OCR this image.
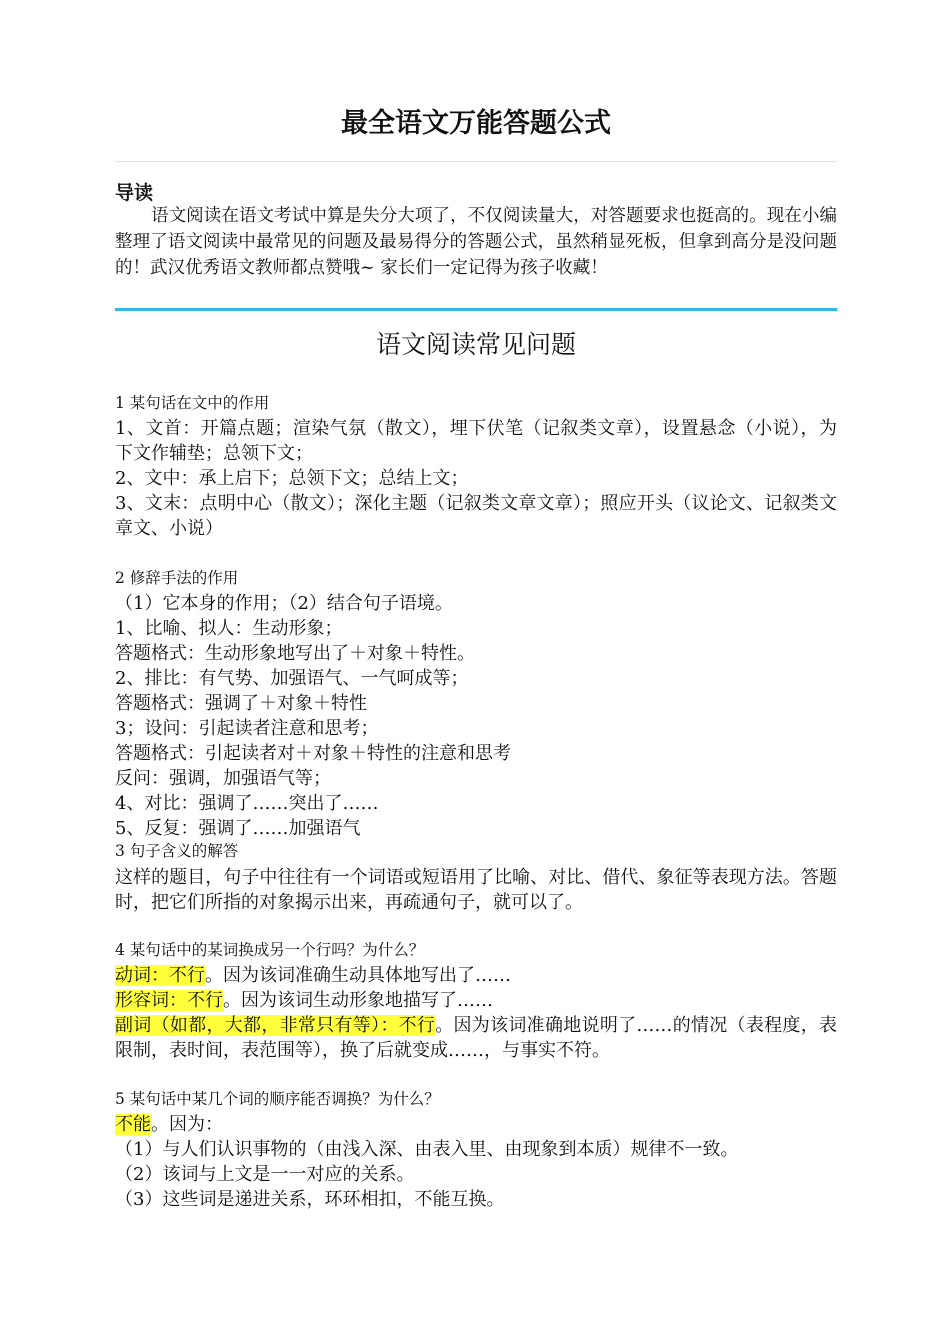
最全语文万能答题公式
导读
语文阅读在语文考试中算是失分大项了，不仅阅读量大，对答题要求也挺高的。现在小编整理了语文阅读中最常见的问题及最易得分的答题公式，虽然稍显死板，但拿到高分是没问题的！武汉优秀语文教师都点赞哦~ 家长们一定记得为孩子收藏！
语文阅读常见问题
1 某句话在文中的作用
1、文首：开篇点题；渲染气氛（散文），埋下伏笔（记叙类文章），设置悬念（小说），为下文作辅垫；总领下文；
2、文中：承上启下；总领下文；总结上文；
3、文末：点明中心（散文）；深化主题（记叙类文章文章）；照应开头（议论文、记叙类文章文、小说）
2 修辞手法的作用
（1）它本身的作用；（2）结合句子语境。
1、比喻、拟人：生动形象；
答题格式：生动形象地写出了＋对象＋特性。
2、排比：有气势、加强语气、一气呵成等；
答题格式：强调了＋对象＋特性
3；设问：引起读者注意和思考；
答题格式：引起读者对＋对象＋特性的注意和思考
反问：强调，加强语气等；
4、对比：强调了……突出了……
5、反复：强调了……加强语气
3 句子含义的解答
这样的题目，句子中往往有一个词语或短语用了比喻、对比、借代、象征等表现方法。答题时，把它们所指的对象揭示出来，再疏通句子，就可以了。
4 某句话中的某词换成另一个行吗？为什么？
动词：不行。因为该词准确生动具体地写出了……
形容词：不行。因为该词生动形象地描写了……
副词（如都，大都，非常只有等）：不行。因为该词准确地说明了……的情况（表程度，表限制，表时间，表范围等），换了后就变成……，与事实不符。
5 某句话中某几个词的顺序能否调换？为什么？
不能。因为：
（1）与人们认识事物的（由浅入深、由表入里、由现象到本质）规律不一致。
（2）该词与上文是一一对应的关系。
（3）这些词是递进关系，环环相扣，不能互换。
